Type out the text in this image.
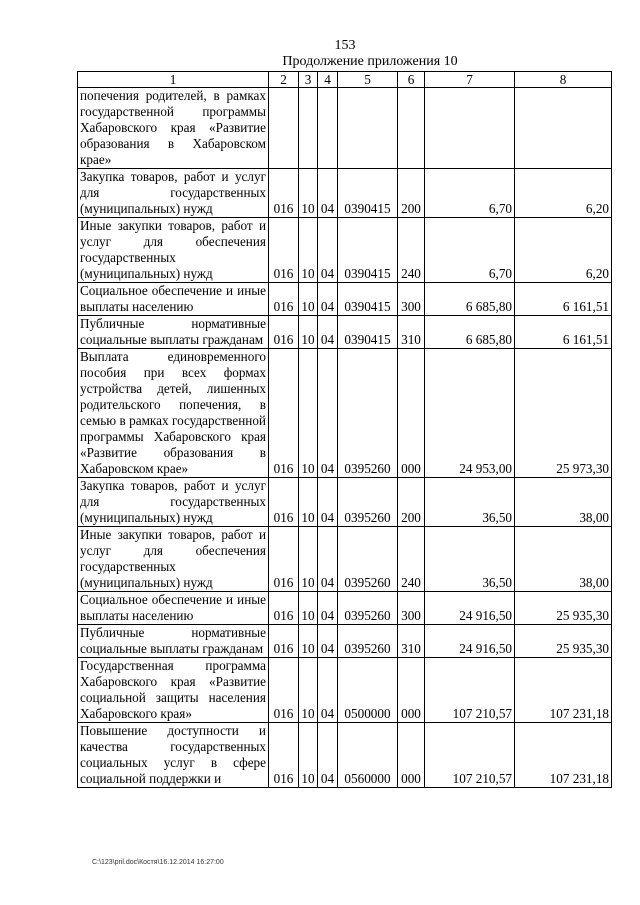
153
Продолжение приложения 10
1	2	3	4	5	6	7	8
попечения родителей, в рамках государственной программы Хабаровского края «Развитие образования в Хабаровском крае»							
Закупка товаров, работ и услуг для государственных (муниципальных) нужд	016	10	04	0390415	200	6,70	6,20
Иные закупки товаров, работ и услуг для обеспечения государственных (муниципальных) нужд	016	10	04	0390415	240	6,70	6,20
Социальное обеспечение и иные выплаты населению	016	10	04	0390415	300	6 685,80	6 161,51
Публичные нормативные социальные выплаты гражданам	016	10	04	0390415	310	6 685,80	6 161,51
Выплата единовременного пособия при всех формах устройства детей, лишенных родительского попечения, в семью в рамках государственной программы Хабаровского края «Развитие образования в Хабаровском крае»	016	10	04	0395260	000	24 953,00	25 973,30
Закупка товаров, работ и услуг для государственных (муниципальных) нужд	016	10	04	0395260	200	36,50	38,00
Иные закупки товаров, работ и услуг для обеспечения государственных (муниципальных) нужд	016	10	04	0395260	240	36,50	38,00
Социальное обеспечение и иные выплаты населению	016	10	04	0395260	300	24 916,50	25 935,30
Публичные нормативные социальные выплаты гражданам	016	10	04	0395260	310	24 916,50	25 935,30
Государственная программа Хабаровского края «Развитие социальной защиты населения Хабаровского края»	016	10	04	0500000	000	107 210,57	107 231,18
Повышение доступности и качества государственных социальных услуг в сфере социальной поддержки и	016	10	04	0560000	000	107 210,57	107 231,18
C:\123\pril.doc\Костя\16.12.2014 16:27:00
